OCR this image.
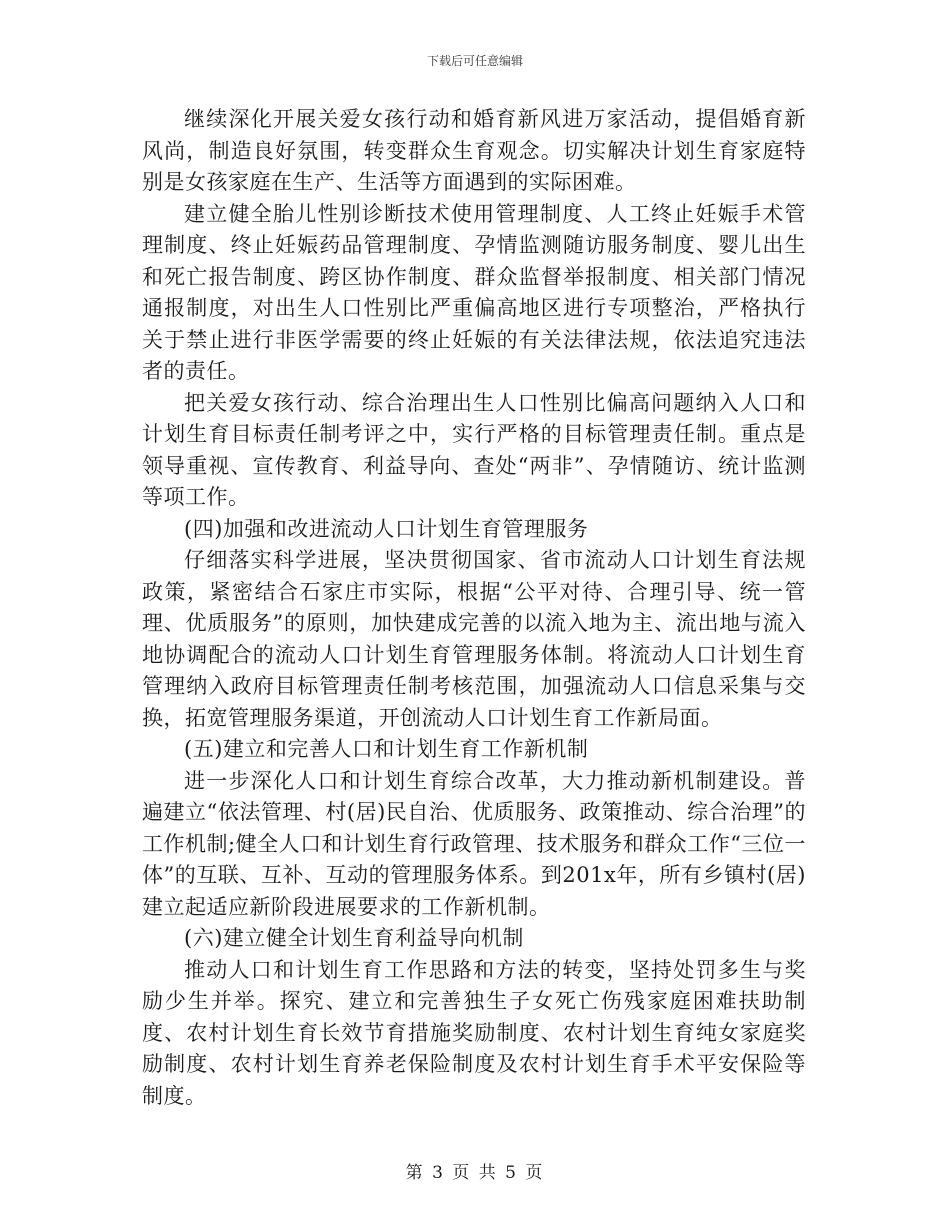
下载后可任意编辑

继续深化开展关爱女孩行动和婚育新风进万家活动，提倡婚育新风尚，制造良好氛围，转变群众生育观念。切实解决计划生育家庭特别是女孩家庭在生产、生活等方面遇到的实际困难。

建立健全胎儿性别诊断技术使用管理制度、人工终止妊娠手术管理制度、终止妊娠药品管理制度、孕情监测随访服务制度、婴儿出生和死亡报告制度、跨区协作制度、群众监督举报制度、相关部门情况通报制度，对出生人口性别比严重偏高地区进行专项整治，严格执行关于禁止进行非医学需要的终止妊娠的有关法律法规，依法追究违法者的责任。

把关爱女孩行动、综合治理出生人口性别比偏高问题纳入人口和计划生育目标责任制考评之中，实行严格的目标管理责任制。重点是领导重视、宣传教育、利益导向、查处“两非”、孕情随访、统计监测等项工作。

(四)加强和改进流动人口计划生育管理服务

仔细落实科学进展，坚决贯彻国家、省市流动人口计划生育法规政策，紧密结合石家庄市实际，根据“公平对待、合理引导、统一管理、优质服务”的原则，加快建成完善的以流入地为主、流出地与流入地协调配合的流动人口计划生育管理服务体制。将流动人口计划生育管理纳入政府目标管理责任制考核范围，加强流动人口信息采集与交换，拓宽管理服务渠道，开创流动人口计划生育工作新局面。

(五)建立和完善人口和计划生育工作新机制

进一步深化人口和计划生育综合改革，大力推动新机制建设。普遍建立“依法管理、村(居)民自治、优质服务、政策推动、综合治理”的工作机制;健全人口和计划生育行政管理、技术服务和群众工作“三位一体”的互联、互补、互动的管理服务体系。到201x年，所有乡镇村(居)建立起适应新阶段进展要求的工作新机制。

(六)建立健全计划生育利益导向机制

推动人口和计划生育工作思路和方法的转变，坚持处罚多生与奖励少生并举。探究、建立和完善独生子女死亡伤残家庭困难扶助制度、农村计划生育长效节育措施奖励制度、农村计划生育纯女家庭奖励制度、农村计划生育养老保险制度及农村计划生育手术平安保险等制度。

第 3 页 共 5 页
